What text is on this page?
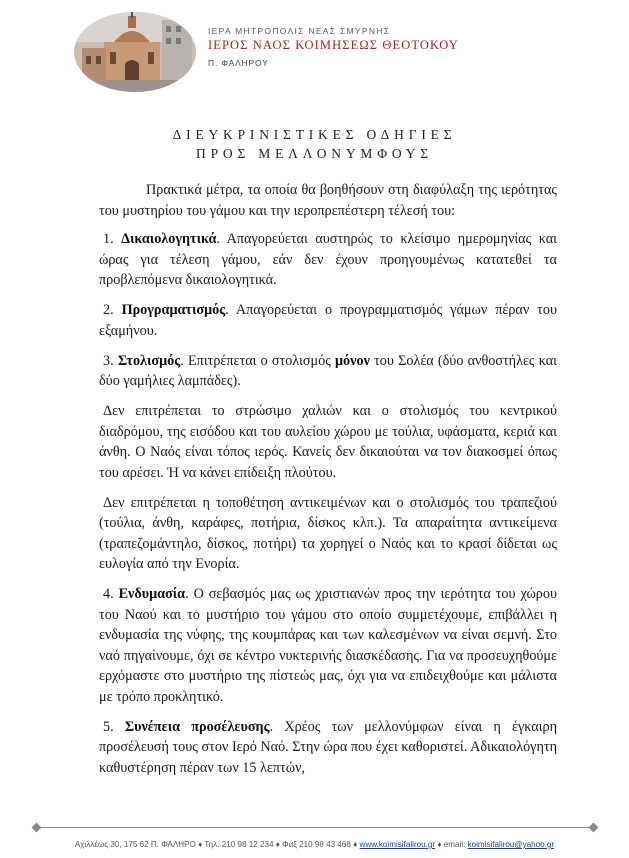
ΙΕΡΑ ΜΗΤΡΟΠΟΛΙΣ ΝΕΑΣ ΣΜΥΡΝΗΣ
ΙΕΡΟΣ ΝΑΟΣ ΚΟΙΜΗΣΕΩΣ ΘΕΟΤΟΚΟΥ
Π. ΦΑΛΗΡΟΥ
ΔΙΕΥΚΡΙΝΙΣΤΙΚΕΣ ΟΔΗΓΙΕΣ
ΠΡΟΣ ΜΕΛΛΟΝΥΜΦΟΥΣ

Πρακτικά μέτρα, τα οποία θα βοηθήσουν στη διαφύλαξη της ιερότητας του μυστηρίου του γάμου και την ιεροπρεπέστερη τέλεσή του:

1. Δικαιολογητικά. Απαγορεύεται αυστηρώς το κλείσιμο ημερομηνίας και ώρας για τέλεση γάμου, εάν δεν έχουν προηγουμένως κατατεθεί τα προβλεπόμενα δικαιολογητικά.

2. Προγραματισμός. Απαγορεύεται ο προγραμματισμός γάμων πέραν του εξαμήνου.

3. Στολισμός. Επιτρέπεται ο στολισμός μόνον του Σολέα (δύο ανθοστήλες και δύο γαμήλιες λαμπάδες).

Δεν επιτρέπεται το στρώσιμο χαλιών και ο στολισμός του κεντρικού διαδρόμου, της εισόδου και του αυλείου χώρου με τούλια, υφάσματα, κεριά και άνθη. Ο Ναός είναι τόπος ιερός. Κανείς δεν δικαιούται να τον διακοσμεί όπως του αρέσει. Ή να κάνει επίδειξη πλούτου.

Δεν επιτρέπεται η τοποθέτηση αντικειμένων και ο στολισμός του τραπεζιού (τούλια, άνθη, καράφες, ποτήρια, δίσκος κλπ.). Τα απαραίτητα αντικείμενα (τραπεζομάντηλο, δίσκος, ποτήρι) τα χορηγεί ο Ναός και το κρασί δίδεται ως ευλογία από την Ενορία.

4. Ενδυμασία. Ο σεβασμός μας ως χριστιανών προς την ιερότητα του χώρου του Ναού και το μυστήριο του γάμου στο οποίο συμμετέχουμε, επιβάλλει η ενδυμασία της νύφης, της κουμπάρας και των καλεσμένων να είναι σεμνή. Στο ναό πηγαίνουμε, όχι σε κέντρο νυκτερινής διασκέδασης. Για να προσευχηθούμε ερχόμαστε στο μυστήριο της πίστεώς μας, όχι για να επιδειχθούμε και μάλιστα με τρόπο προκλητικό.

5. Συνέπεια προσέλευσης. Χρέος των μελλονύμφων είναι η έγκαιρη προσέλευσή τους στον Ιερό Ναό. Στην ώρα που έχει καθοριστεί. Αδικαιολόγητη καθυστέρηση πέραν των 15 λεπτών,

Αχιλλέως 30, 175 62 Π. ΦΑΛΗΡΟ ♦ Τηλ. 210 98 12 234 ♦ Φαξ 210 98 43 468 ♦ www.koimisifalirou.gr ♦ email: koimisifalirou@yahoo.gr
